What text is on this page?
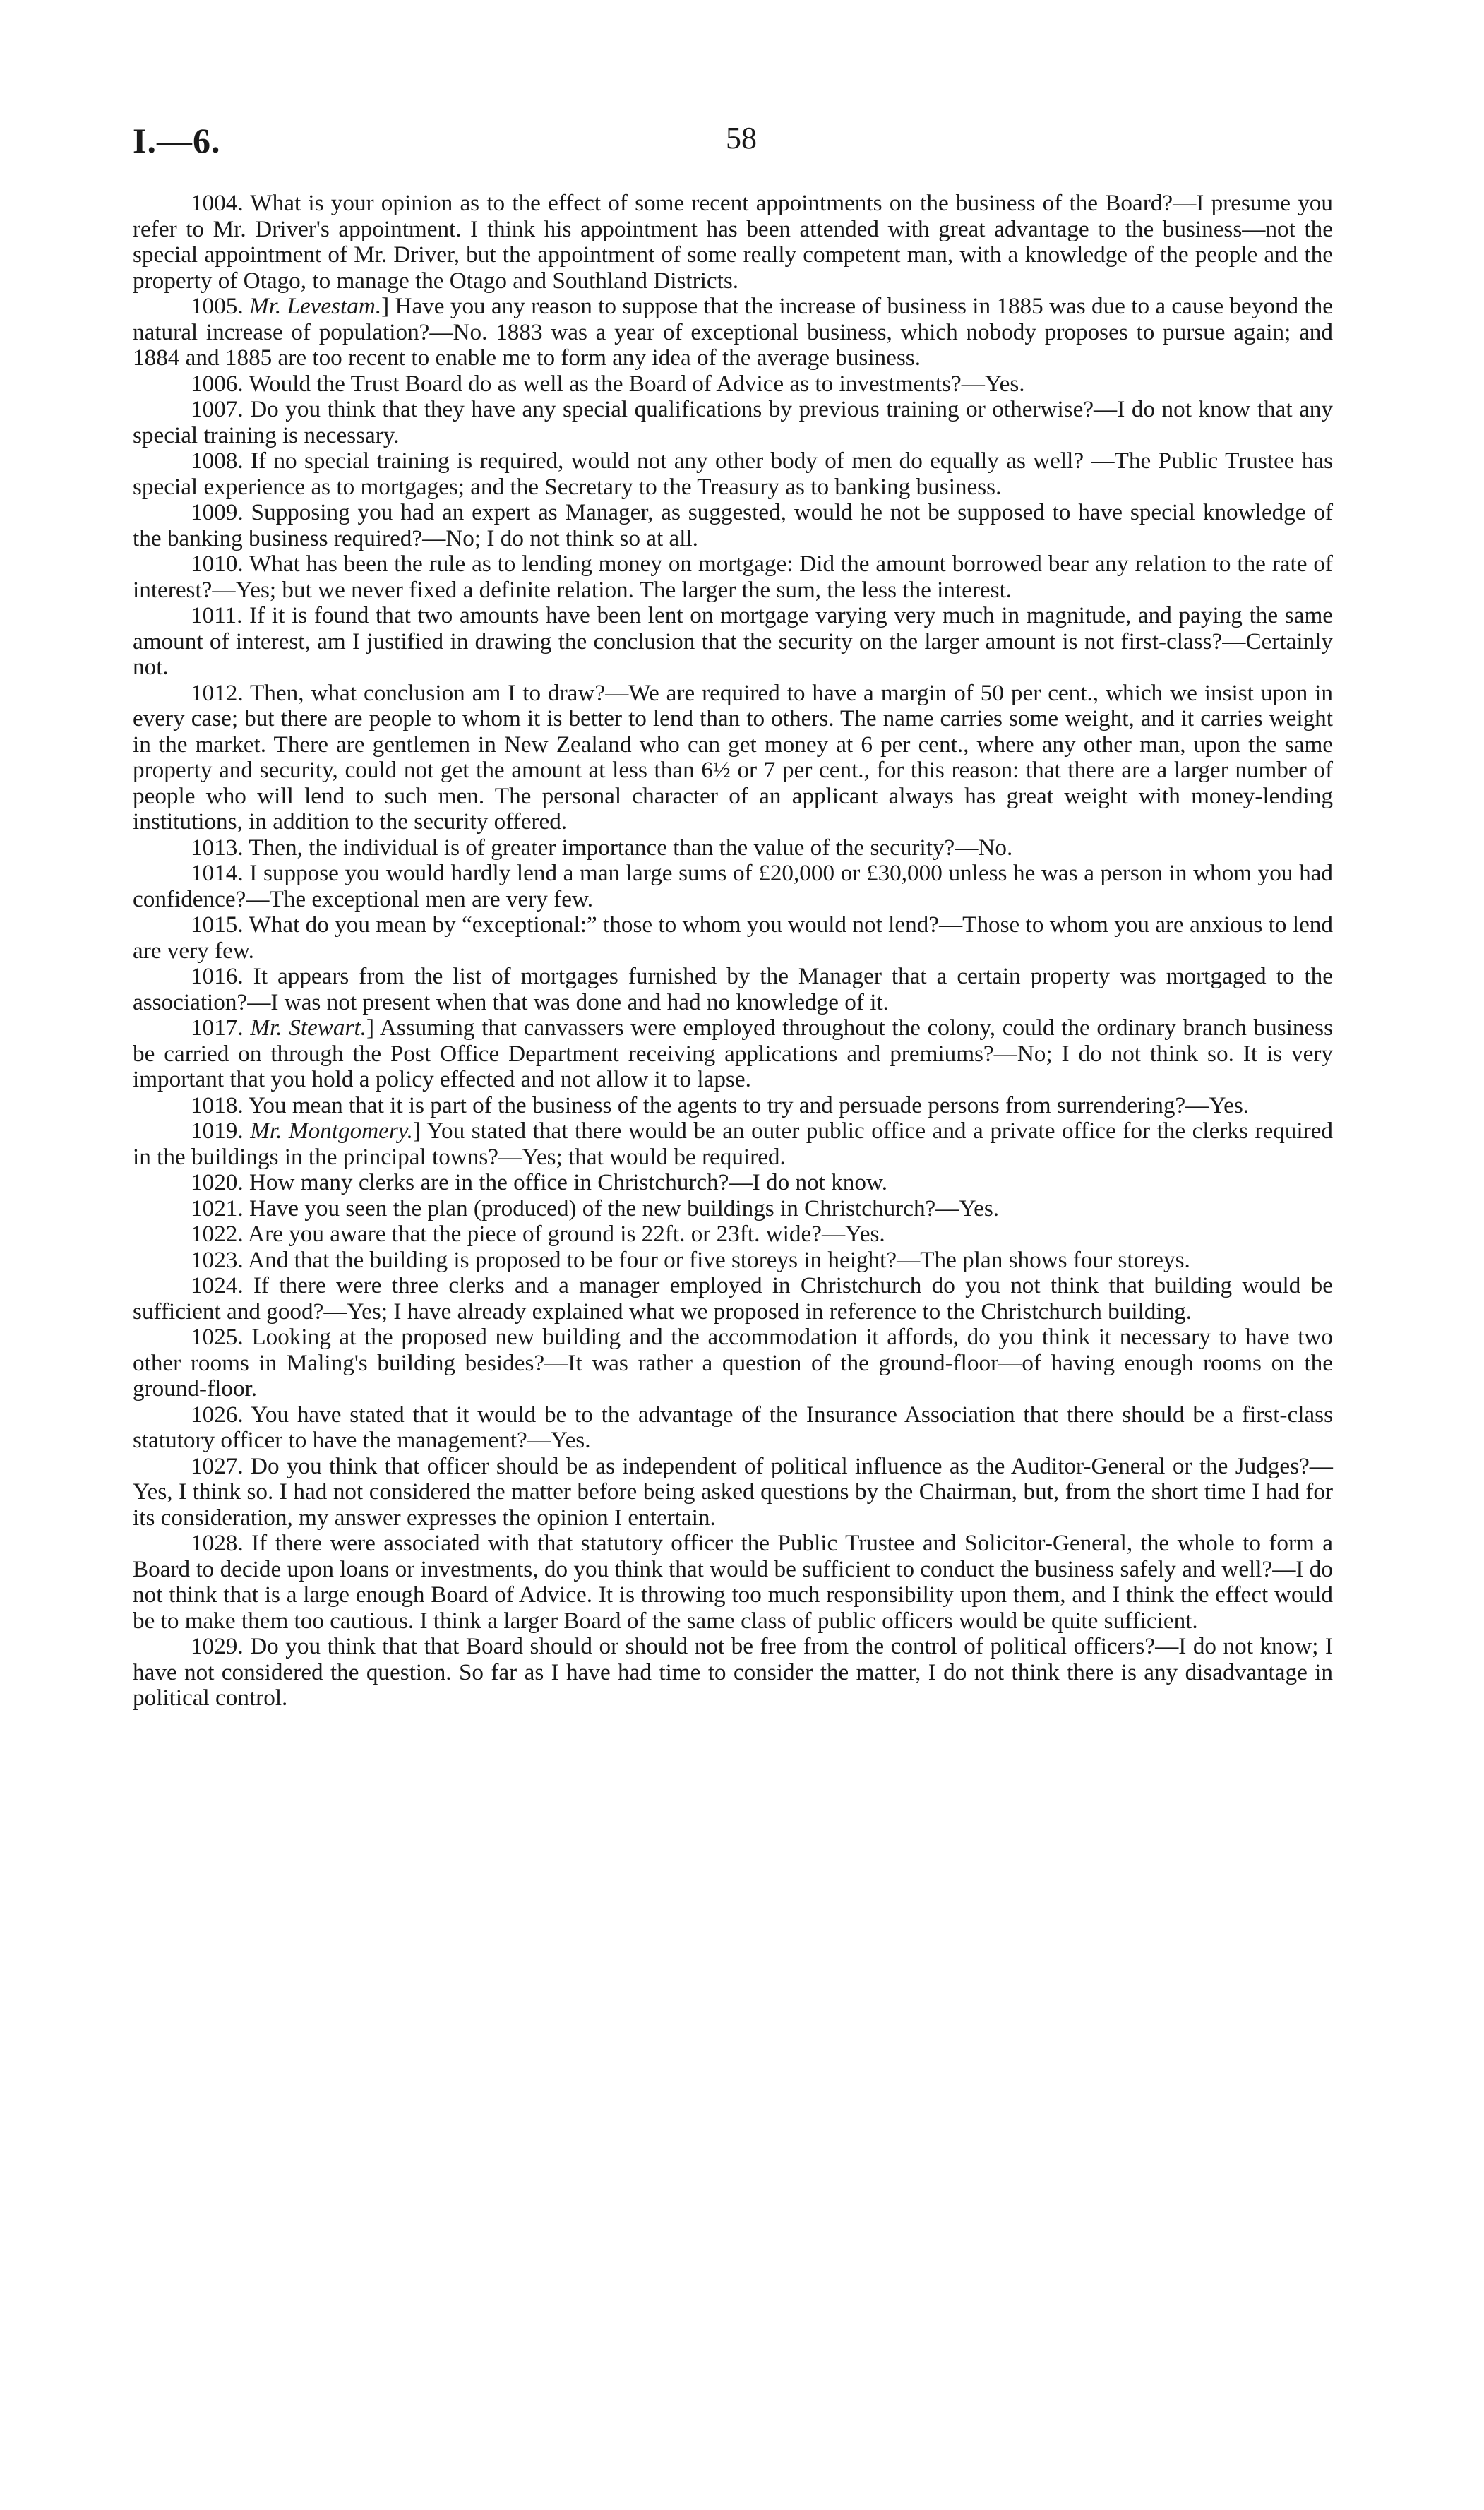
I.—6.	58

1004. What is your opinion as to the effect of some recent appointments on the business of the Board?—I presume you refer to Mr. Driver's appointment. I think his appointment has been attended with great advantage to the business—not the special appointment of Mr. Driver, but the appointment of some really competent man, with a knowledge of the people and the property of Otago, to manage the Otago and Southland Districts.

1005. Mr. Levestam.] Have you any reason to suppose that the increase of business in 1885 was due to a cause beyond the natural increase of population?—No. 1883 was a year of exceptional business, which nobody proposes to pursue again; and 1884 and 1885 are too recent to enable me to form any idea of the average business.

1006. Would the Trust Board do as well as the Board of Advice as to investments?—Yes.

1007. Do you think that they have any special qualifications by previous training or otherwise?—I do not know that any special training is necessary.

1008. If no special training is required, would not any other body of men do equally as well? —The Public Trustee has special experience as to mortgages; and the Secretary to the Treasury as to banking business.

1009. Supposing you had an expert as Manager, as suggested, would he not be supposed to have special knowledge of the banking business required?—No; I do not think so at all.

1010. What has been the rule as to lending money on mortgage: Did the amount borrowed bear any relation to the rate of interest?—Yes; but we never fixed a definite relation. The larger the sum, the less the interest.

1011. If it is found that two amounts have been lent on mortgage varying very much in magnitude, and paying the same amount of interest, am I justified in drawing the conclusion that the security on the larger amount is not first-class?—Certainly not.

1012. Then, what conclusion am I to draw?—We are required to have a margin of 50 per cent., which we insist upon in every case; but there are people to whom it is better to lend than to others. The name carries some weight, and it carries weight in the market. There are gentlemen in New Zealand who can get money at 6 per cent., where any other man, upon the same property and security, could not get the amount at less than 6½ or 7 per cent., for this reason: that there are a larger number of people who will lend to such men. The personal character of an applicant always has great weight with money-lending institutions, in addition to the security offered.

1013. Then, the individual is of greater importance than the value of the security?—No.

1014. I suppose you would hardly lend a man large sums of £20,000 or £30,000 unless he was a person in whom you had confidence?—The exceptional men are very few.

1015. What do you mean by “exceptional:” those to whom you would not lend?—Those to whom you are anxious to lend are very few.

1016. It appears from the list of mortgages furnished by the Manager that a certain property was mortgaged to the association?—I was not present when that was done and had no knowledge of it.

1017. Mr. Stewart.] Assuming that canvassers were employed throughout the colony, could the ordinary branch business be carried on through the Post Office Department receiving applications and premiums?—No; I do not think so. It is very important that you hold a policy effected and not allow it to lapse.

1018. You mean that it is part of the business of the agents to try and persuade persons from surrendering?—Yes.

1019. Mr. Montgomery.] You stated that there would be an outer public office and a private office for the clerks required in the buildings in the principal towns?—Yes; that would be required.

1020. How many clerks are in the office in Christchurch?—I do not know.

1021. Have you seen the plan (produced) of the new buildings in Christchurch?—Yes.

1022. Are you aware that the piece of ground is 22ft. or 23ft. wide?—Yes.

1023. And that the building is proposed to be four or five storeys in height?—The plan shows four storeys.

1024. If there were three clerks and a manager employed in Christchurch do you not think that building would be sufficient and good?—Yes; I have already explained what we proposed in reference to the Christchurch building.

1025. Looking at the proposed new building and the accommodation it affords, do you think it necessary to have two other rooms in Maling's building besides?—It was rather a question of the ground-floor—of having enough rooms on the ground-floor.

1026. You have stated that it would be to the advantage of the Insurance Association that there should be a first-class statutory officer to have the management?—Yes.

1027. Do you think that officer should be as independent of political influence as the Auditor-General or the Judges?—Yes, I think so. I had not considered the matter before being asked questions by the Chairman, but, from the short time I had for its consideration, my answer expresses the opinion I entertain.

1028. If there were associated with that statutory officer the Public Trustee and Solicitor-General, the whole to form a Board to decide upon loans or investments, do you think that would be sufficient to conduct the business safely and well?—I do not think that is a large enough Board of Advice. It is throwing too much responsibility upon them, and I think the effect would be to make them too cautious. I think a larger Board of the same class of public officers would be quite sufficient.

1029. Do you think that that Board should or should not be free from the control of political officers?—I do not know; I have not considered the question. So far as I have had time to consider the matter, I do not think there is any disadvantage in political control.
